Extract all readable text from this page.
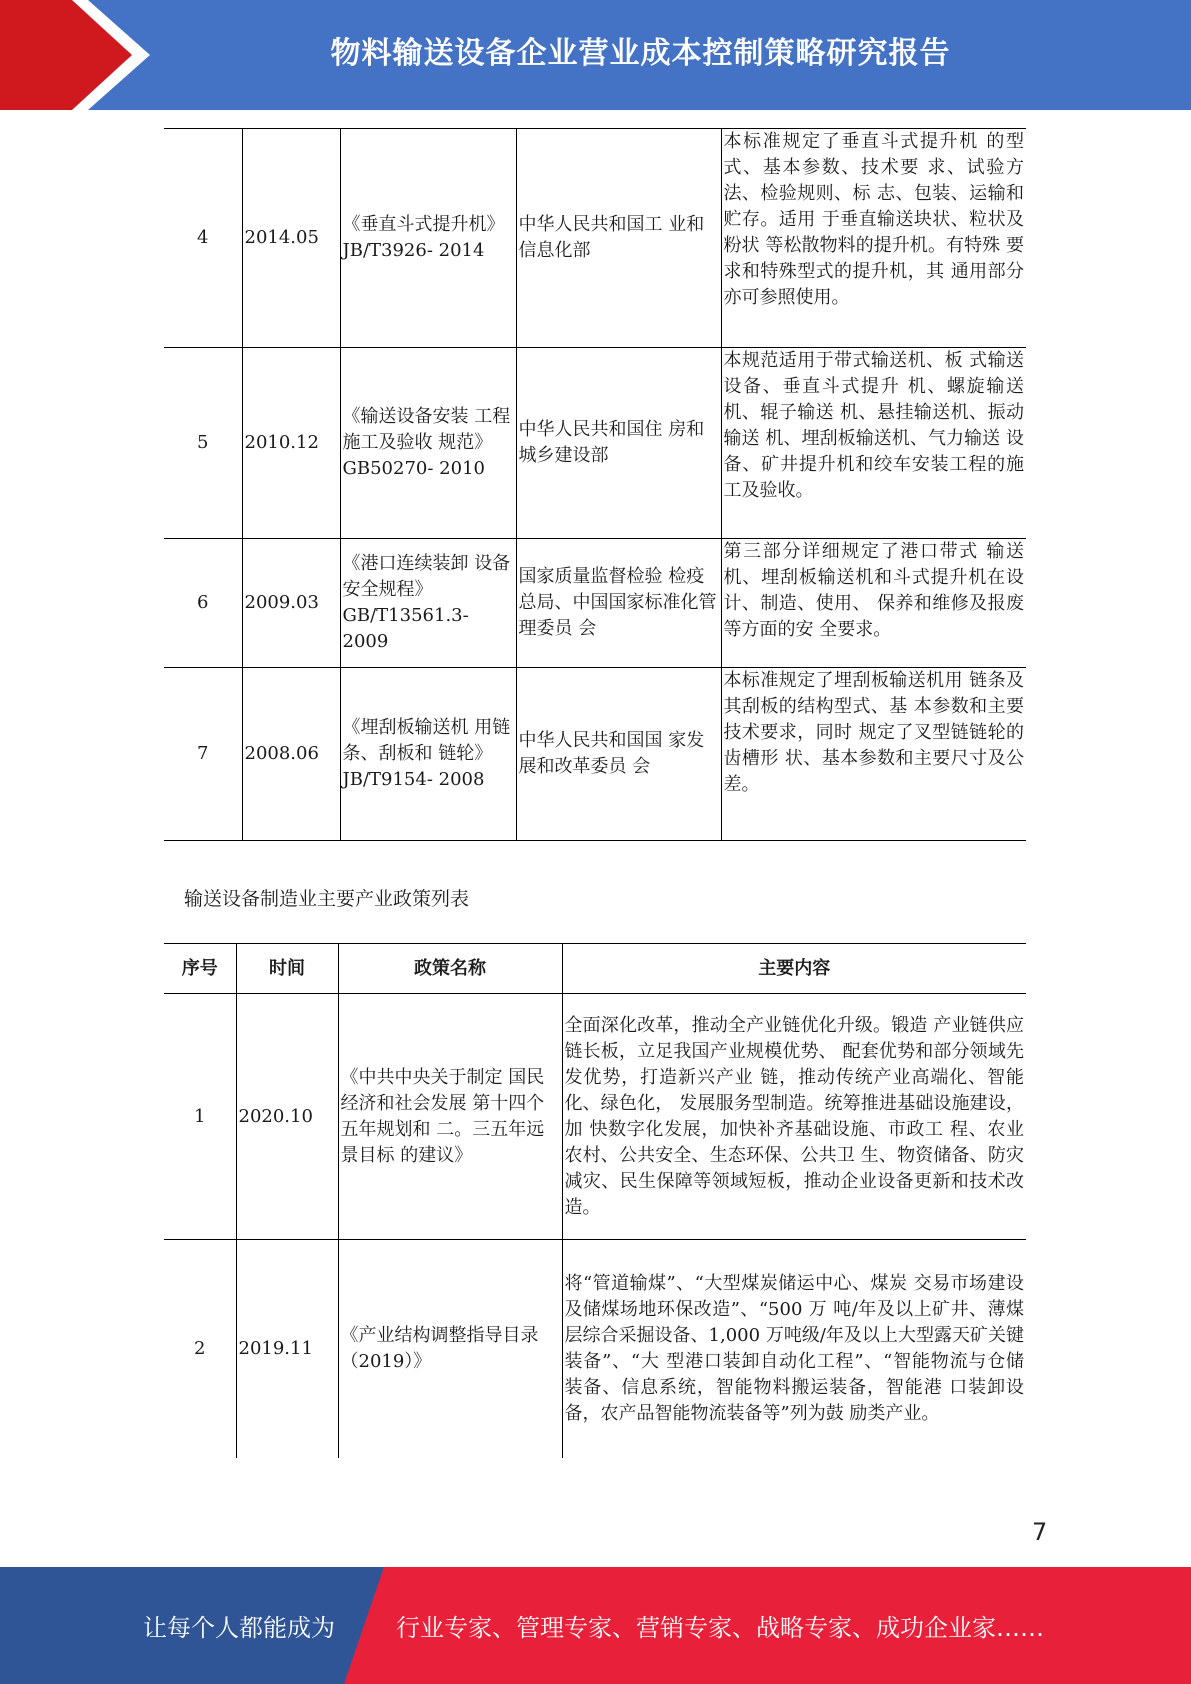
物料输送设备企业营业成本控制策略研究报告
4	2014.05	《垂直斗式提升机》JB/T3926- 2014	中华人民共和国工 业和信息化部	本标准规定了垂直斗式提升机 的型式、基本参数、技术要 求、试验方法、检验规则、标 志、包装、运输和贮存。适用 于垂直输送块状、粒状及粉状 等松散物料的提升机。有特殊 要求和特殊型式的提升机，其 通用部分亦可参照使用。
5	2010.12	《输送设备安装 工程施工及验收 规范》GB50270- 2010	中华人民共和国住 房和城乡建设部	本规范适用于带式输送机、板 式输送设备、垂直斗式提升 机、螺旋输送机、辊子输送 机、悬挂输送机、振动输送 机、埋刮板输送机、气力输送 设备、矿井提升机和绞车安装工程的施工及验收。
6	2009.03	《港口连续装卸 设备安全规程》GB/T13561.3- 2009	国家质量监督检验 检疫总局、中国国家标准化管理委员 会	第三部分详细规定了港口带式 输送机、埋刮板输送机和斗式提升机在设计、制造、使用、 保养和维修及报废等方面的安 全要求。
7	2008.06	《埋刮板输送机 用链条、刮板和 链轮》JB/T9154- 2008	中华人民共和国国 家发展和改革委员 会	本标准规定了埋刮板输送机用 链条及其刮板的结构型式、基 本参数和主要技术要求，同时 规定了叉型链链轮的齿槽形 状、基本参数和主要尺寸及公 差。
输送设备制造业主要产业政策列表
序号	时间	政策名称	主要内容
1	2020.10	《中共中央关于制定 国民经济和社会发展 第十四个五年规划和 二。三五年远景目标 的建议》	全面深化改革，推动全产业链优化升级。锻造 产业链供应链长板，立足我国产业规模优势、 配套优势和部分领域先发优势，打造新兴产业 链，推动传统产业高端化、智能化、绿色化， 发展服务型制造。统筹推进基础设施建设，加 快数字化发展，加快补齐基础设施、市政工 程、农业农村、公共安全、生态环保、公共卫 生、物资储备、防灾减灾、民生保障等领域短板，推动企业设备更新和技术改造。
2	2019.11	《产业结构调整指导目录（2019）》	将“管道输煤”、“大型煤炭储运中心、煤炭 交易市场建设及储煤场地环保改造”、“500 万 吨/年及以上矿井、薄煤层综合采掘设备、1,000 万吨级/年及以上大型露天矿关键装备”、“大 型港口装卸自动化工程”、“智能物流与仓储 装备、信息系统，智能物料搬运装备，智能港 口装卸设备，农产品智能物流装备等”列为鼓 励类产业。
7
让每个人都能成为	行业专家、管理专家、营销专家、战略专家、成功企业家……
